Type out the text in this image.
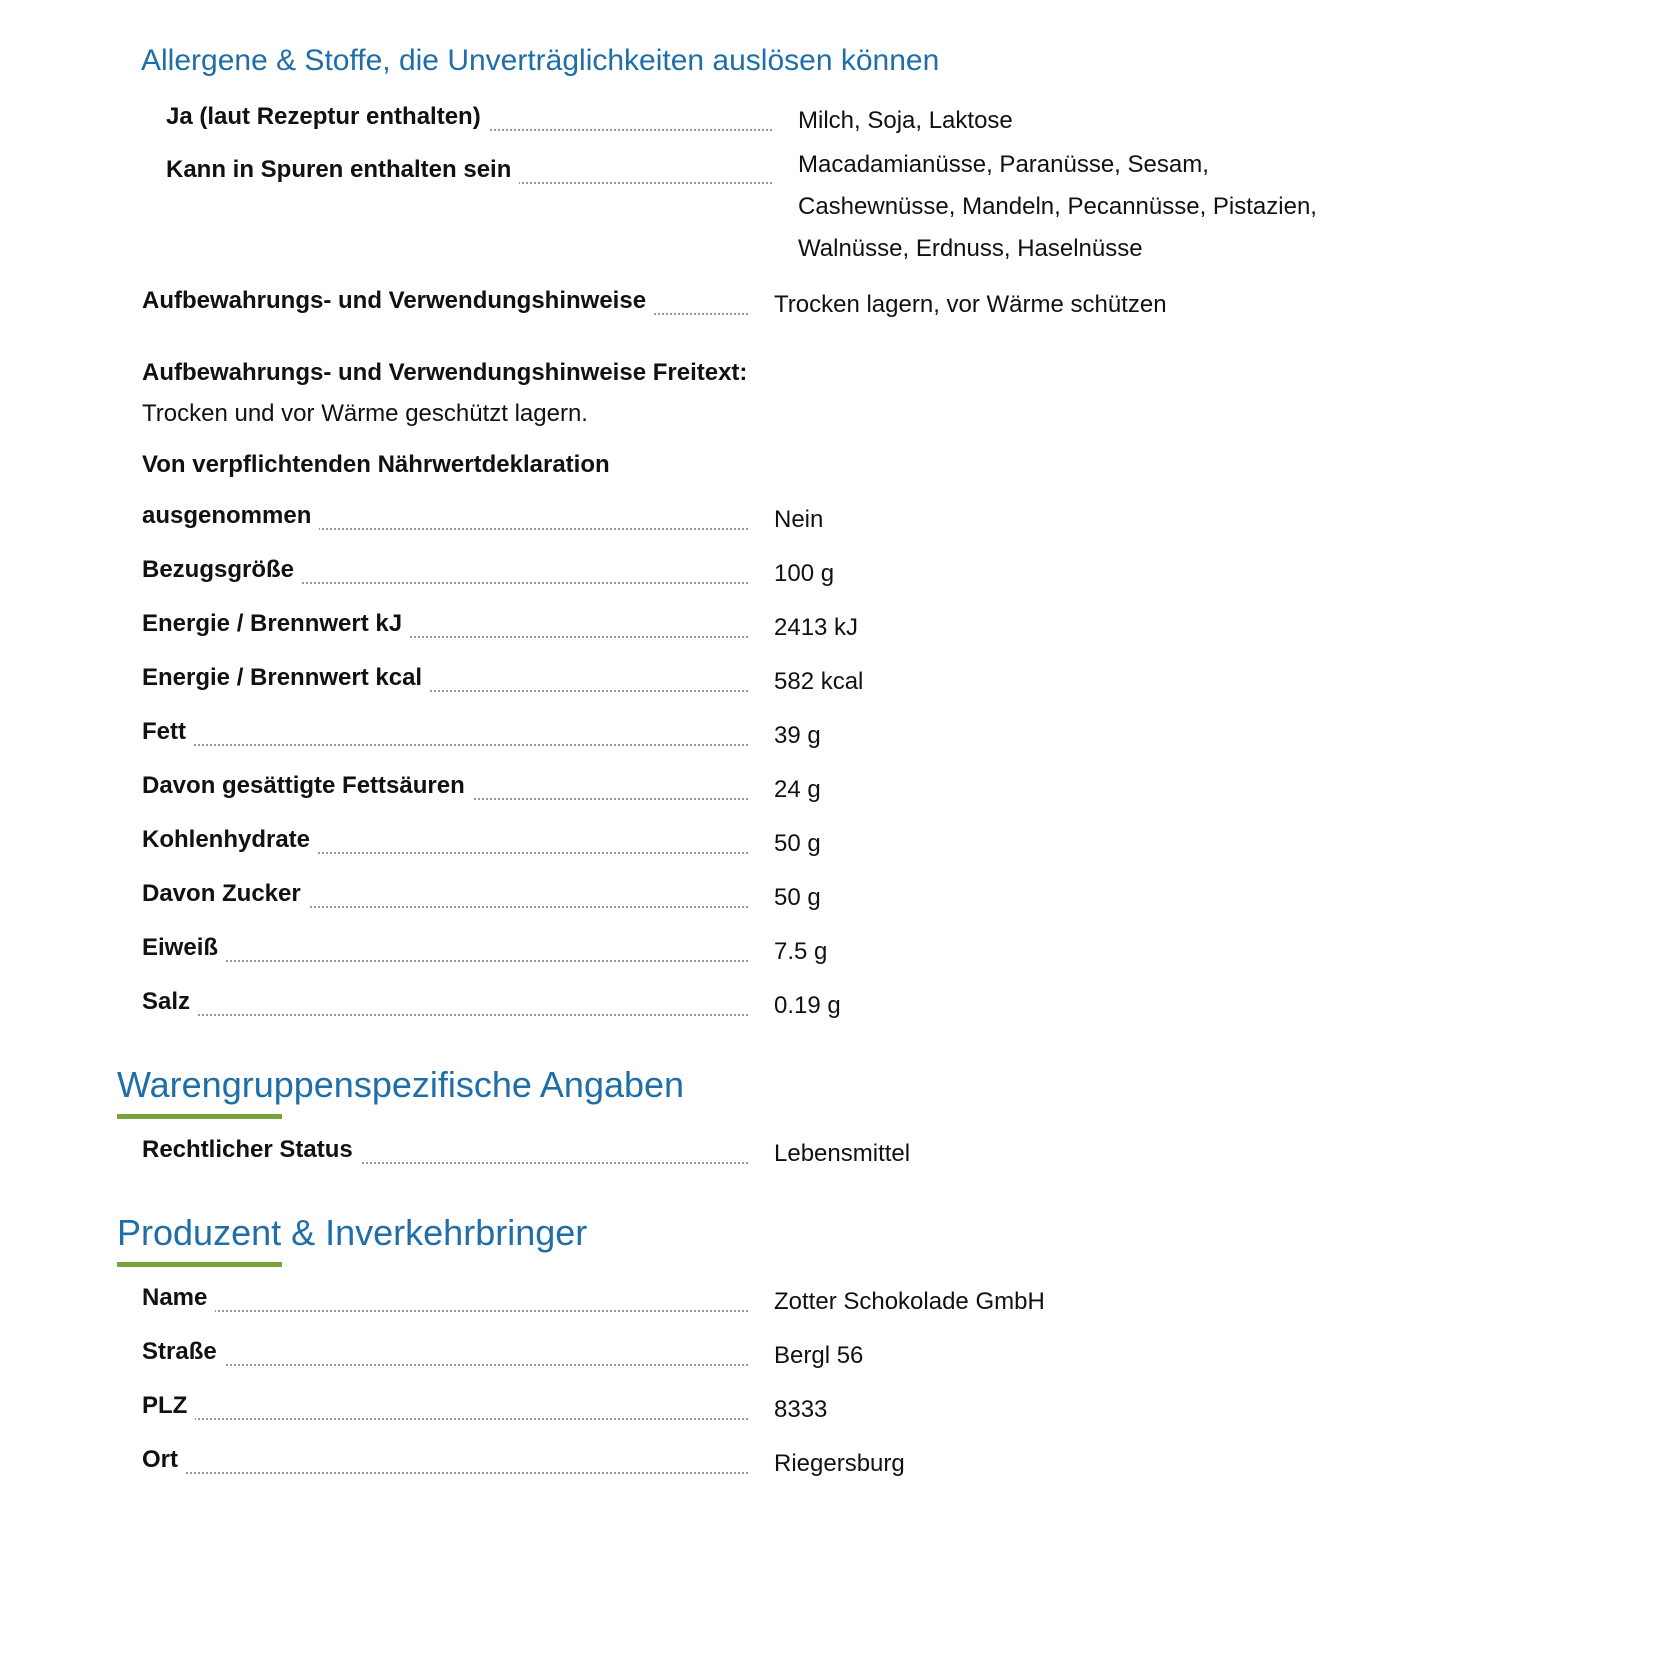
Allergene & Stoffe, die Unverträglichkeiten auslösen können
Ja (laut Rezeptur enthalten)	Milch, Soja, Laktose
Kann in Spuren enthalten sein	Macadamianüsse, Paranüsse, Sesam,
Cashewnüsse, Mandeln, Pecannüsse, Pistazien,
Walnüsse, Erdnuss, Haselnüsse
Aufbewahrungs- und Verwendungshinweise	Trocken lagern, vor Wärme schützen
Aufbewahrungs- und Verwendungshinweise Freitext:
Trocken und vor Wärme geschützt lagern.
Von verpflichtenden Nährwertdeklaration
ausgenommen	Nein
Bezugsgröße	100 g
Energie / Brennwert kJ	2413 kJ
Energie / Brennwert kcal	582 kcal
Fett	39 g
Davon gesättigte Fettsäuren	24 g
Kohlenhydrate	50 g
Davon Zucker	50 g
Eiweiß	7.5 g
Salz	0.19 g
Warengruppenspezifische Angaben
Rechtlicher Status	Lebensmittel
Produzent & Inverkehrbringer
Name	Zotter Schokolade GmbH
Straße	Bergl 56
PLZ	8333
Ort	Riegersburg
